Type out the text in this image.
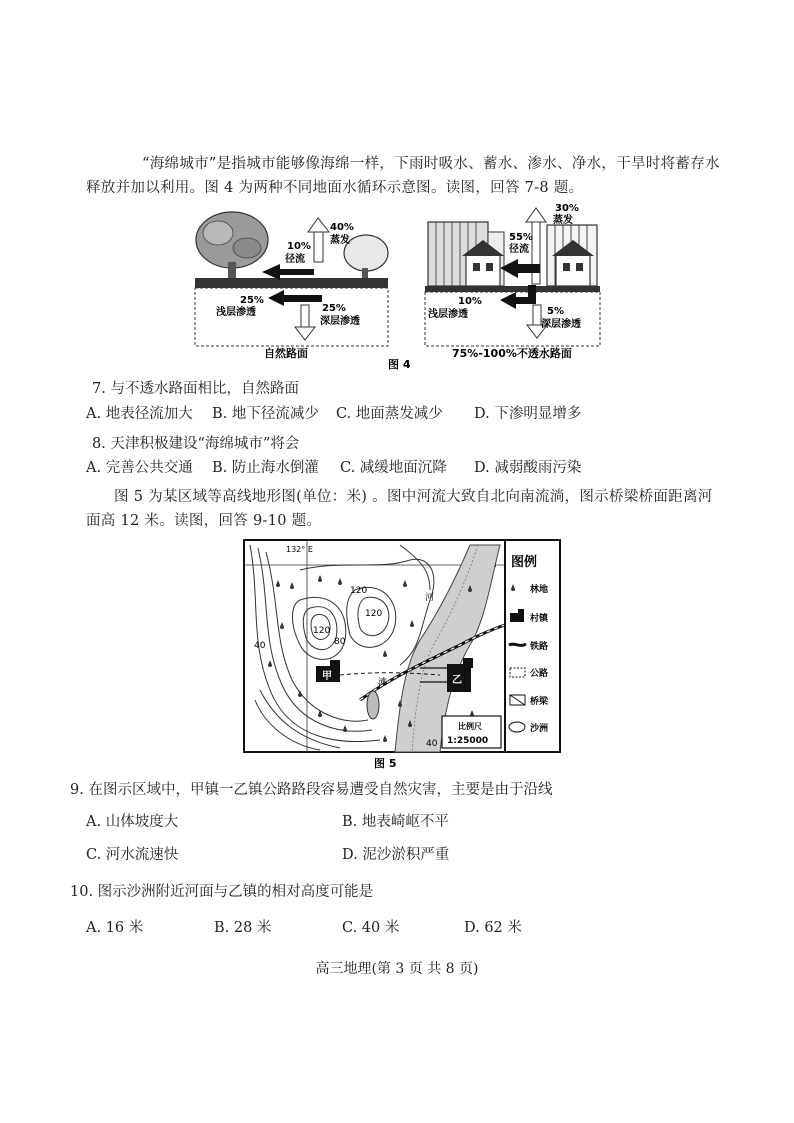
“海绵城市”是指城市能够像海绵一样，下雨时吸水、蓄水、渗水、净水，干旱时将蓄存水释放并加以利用。图 4 为两种不同地面水循环示意图。读图，回答 7-8 题。
40%
蒸发
10%
径流
25%
浅层渗透	25%
深层渗透
自然路面
30%
蒸发
55%
径流
10%
浅层渗透	5%
深层渗透
75%-100%不透水路面
图 4
7. 与不透水路面相比，自然路面
A. 地表径流加大 B. 地下径流减少 C. 地面蒸发减少 D. 下渗明显增多
8. 天津积极建设“海绵城市”将会
A. 完善公共交通 B. 防止海水倒灌 C. 减缓地面沉降 D. 减弱酸雨污染
图 5 为某区域等高线地形图(单位：米) 。图中河流大致自北向南流淌，图示桥梁桥面距离河面高 12 米。读图，回答 9-10 题。
132° E
甲	乙
120
120
120
80
40
40
河
滩
比例尺
1:25000
图例
林地
村镇
铁路
公路
桥梁
沙洲
图 5
9. 在图示区域中，甲镇一乙镇公路路段容易遭受自然灾害，主要是由于沿线
A. 山体坡度大	B. 地表崎岖不平
C. 河水流速快	D. 泥沙淤积严重
10. 图示沙洲附近河面与乙镇的相对高度可能是
A. 16 米	B. 28 米	C. 40 米	D. 62 米
高三地理(第 3 页 共 8 页)
